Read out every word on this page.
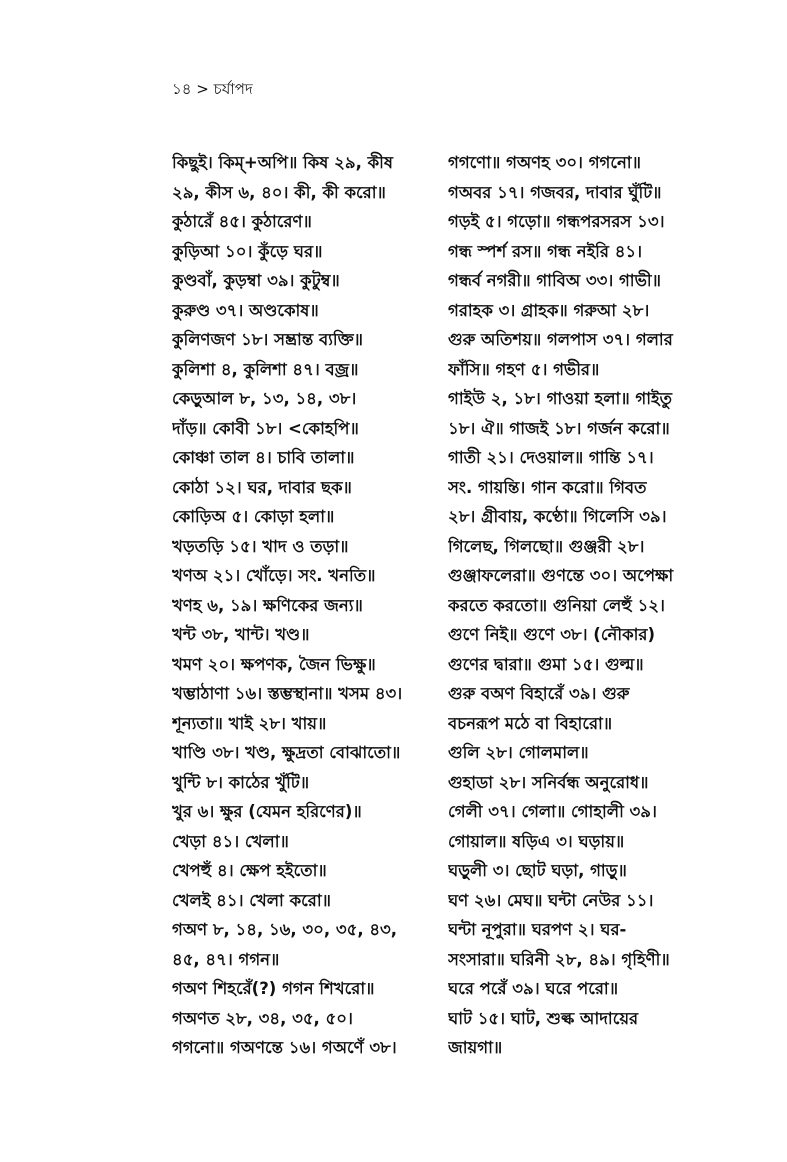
১৪ > চর্যাপদ
কিছুই। কিম্+অপি॥ কিষ ২৯, কীষ
২৯, কীস ৬, ৪০। কী, কী করো॥
কুঠারেঁ ৪৫। কুঠারেণ॥
কুড়িআ ১০। কুঁড়ে ঘর॥
কুণ্ডবাঁ, কুড়ম্বা ৩৯। কুটুম্ব॥
কুরুণ্ড ৩৭। অণ্ডকোষ॥
কুলিণজণ ১৮। সম্ভ্রান্ত ব্যক্তি॥
কুলিশা ৪, কুলিশা ৪৭। বজ্র॥
কেড়ুআল ৮, ১৩, ১৪, ৩৮।
দাঁড়॥ কোবী ১৮। <কোহপি॥
কোঞ্চা তাল ৪। চাবি তালা॥
কোঠা ১২। ঘর, দাবার ছক॥
কোড়িঅ ৫। কোড়া হলা॥
খড়তড়ি ১৫। খাদ ও তড়া॥
খণঅ ২১। খোঁড়ে। সং. খনতি॥
খণহ ৬, ১৯। ক্ষণিকের জন্য॥
খন্ট ৩৮, খান্ট। খণ্ড॥
খমণ ২০। ক্ষপণক, জৈন ভিক্ষু॥
খম্ভাঠাণা ১৬। স্তম্ভস্থানা॥ খসম ৪৩।
শূন্যতা॥ খাই ২৮। খায়॥
খাণ্ডি ৩৮। খণ্ড, ক্ষুদ্রতা বোঝাতো॥
খুন্টি ৮। কাঠের খুঁটি॥
খুর ৬। ক্ষুর (যেমন হরিণের)॥
খেড়া ৪১। খেলা॥
খেপহুঁ ৪। ক্ষেপ হইতো॥
খেলই ৪১। খেলা করো॥
গঅণ ৮, ১৪, ১৬, ৩০, ৩৫, ৪৩,
৪৫, ৪৭। গগন॥
গঅণ শিহরেঁ(?) গগন শিখরো॥
গঅণত ২৮, ৩৪, ৩৫, ৫০।
গগনো॥ গঅণন্তে ১৬। গঅণেঁ ৩৮।
গগণো॥ গঅণহ ৩০। গগনো॥
গঅবর ১৭। গজবর, দাবার ঘুঁটি॥
গড়ই ৫। গড়ো॥ গন্ধপরসরস ১৩।
গন্ধ স্পর্শ রস॥ গন্ধ নইরি ৪১।
গন্ধর্ব নগরী॥ গাবিঅ ৩৩। গাভী॥
গরাহক ৩। গ্রাহক॥ গরুআ ২৮।
গুরু অতিশয়॥ গলপাস ৩৭। গলার
ফাঁসি॥ গহণ ৫। গভীর॥
গাইউ ২, ১৮। গাওয়া হলা॥ গাইতু
১৮। ঐ॥ গাজই ১৮। গর্জন করো॥
গাতী ২১। দেওয়াল॥ গান্তি ১৭।
সং. গায়ন্তি। গান করো॥ গিবত
২৮। গ্রীবায়, কণ্ঠো॥ গিলেসি ৩৯।
গিলেছ, গিলছো॥ গুঞ্জরী ২৮।
গুঞ্জাফলেরা॥ গুণন্তে ৩০। অপেক্ষা
করতে করতো॥ গুনিয়া লেহুঁ ১২।
গুণে নিই॥ গুণে ৩৮। (নৌকার)
গুণের দ্বারা॥ গুমা ১৫। গুল্ম॥
গুরু বঅণ বিহারেঁ ৩৯। গুরু
বচনরূপ মঠে বা বিহারো॥
গুলি ২৮। গোলমাল॥
গুহাডা ২৮। সনির্বন্ধ অনুরোধ॥
গেলী ৩৭। গেলা॥ গোহালী ৩৯।
গোয়াল॥ ষড়িএ ৩। ঘড়ায়॥
ঘড়ুলী ৩। ছোট ঘড়া, গাড়ু॥
ঘণ ২৬। মেঘ॥ ঘন্টা নেউর ১১।
ঘন্টা নূপুরা॥ ঘরপণ ২। ঘর-
সংসারা॥ ঘরিনী ২৮, ৪৯। গৃহিণী॥
ঘরে পরেঁ ৩৯। ঘরে পরো॥
ঘাট ১৫। ঘাট, শুল্ক আদায়ের
জায়গা॥
